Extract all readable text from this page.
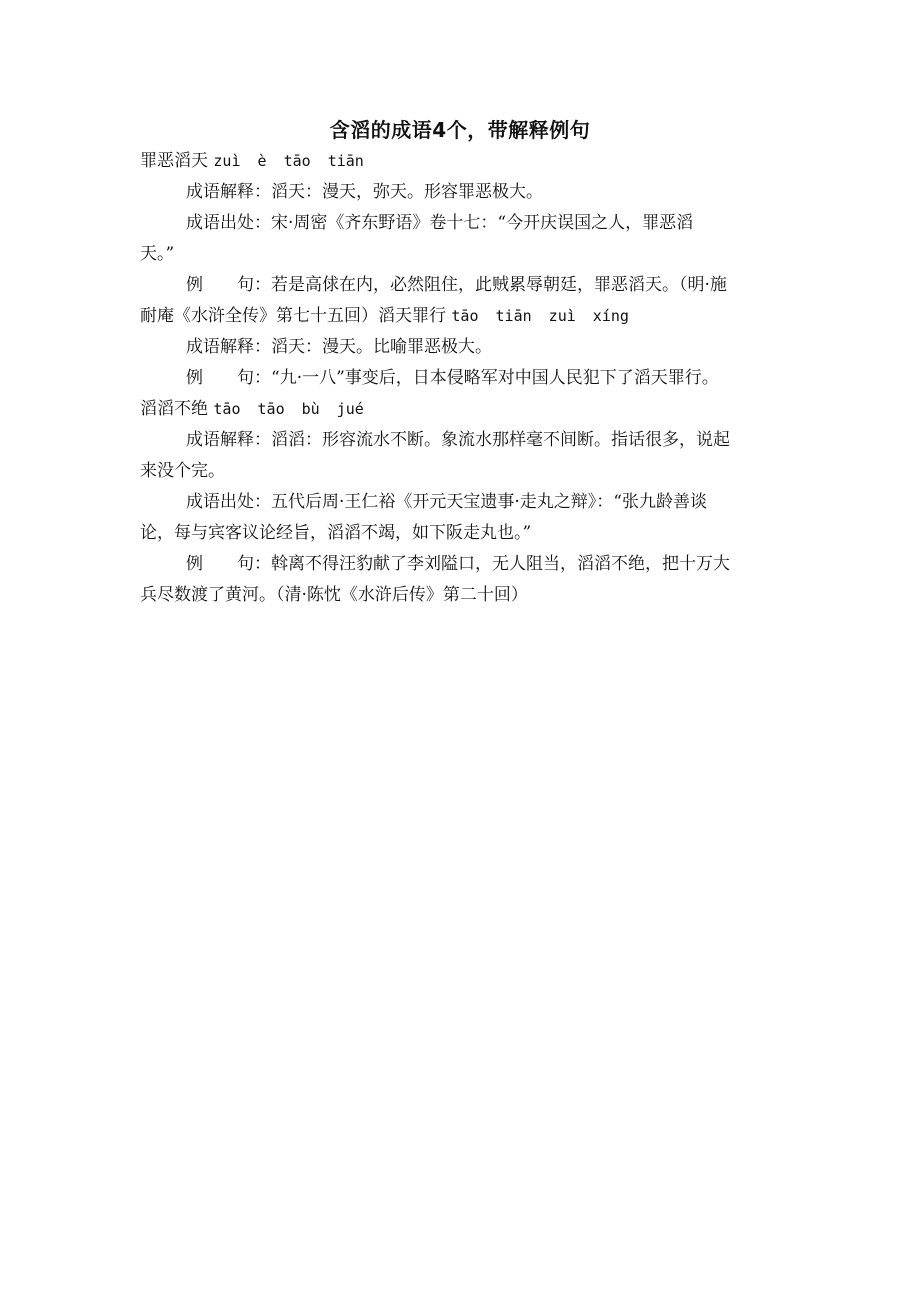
含滔的成语4个，带解释例句

罪恶滔天 zuì è tāo tiān

成语解释：滔天：漫天，弥天。形容罪恶极大。

成语出处：宋·周密《齐东野语》卷十七：“今开庆误国之人，罪恶滔

天。”

例　　句：若是高俅在内，必然阻住，此贼累辱朝廷，罪恶滔天。（明·施

耐庵《水浒全传》第七十五回）滔天罪行 tāo tiān zuì xíng

成语解释：滔天：漫天。比喻罪恶极大。

例　　句：“九·一八”事变后，日本侵略军对中国人民犯下了滔天罪行。

滔滔不绝 tāo tāo bù jué

成语解释：滔滔：形容流水不断。象流水那样毫不间断。指话很多，说起

来没个完。

成语出处：五代后周·王仁裕《开元天宝遗事·走丸之辩》：“张九龄善谈

论，每与宾客议论经旨，滔滔不竭，如下阪走丸也。”

例　　句：斡离不得汪豹献了李刘隘口，无人阻当，滔滔不绝，把十万大

兵尽数渡了黄河。（清·陈忱《水浒后传》第二十回）
